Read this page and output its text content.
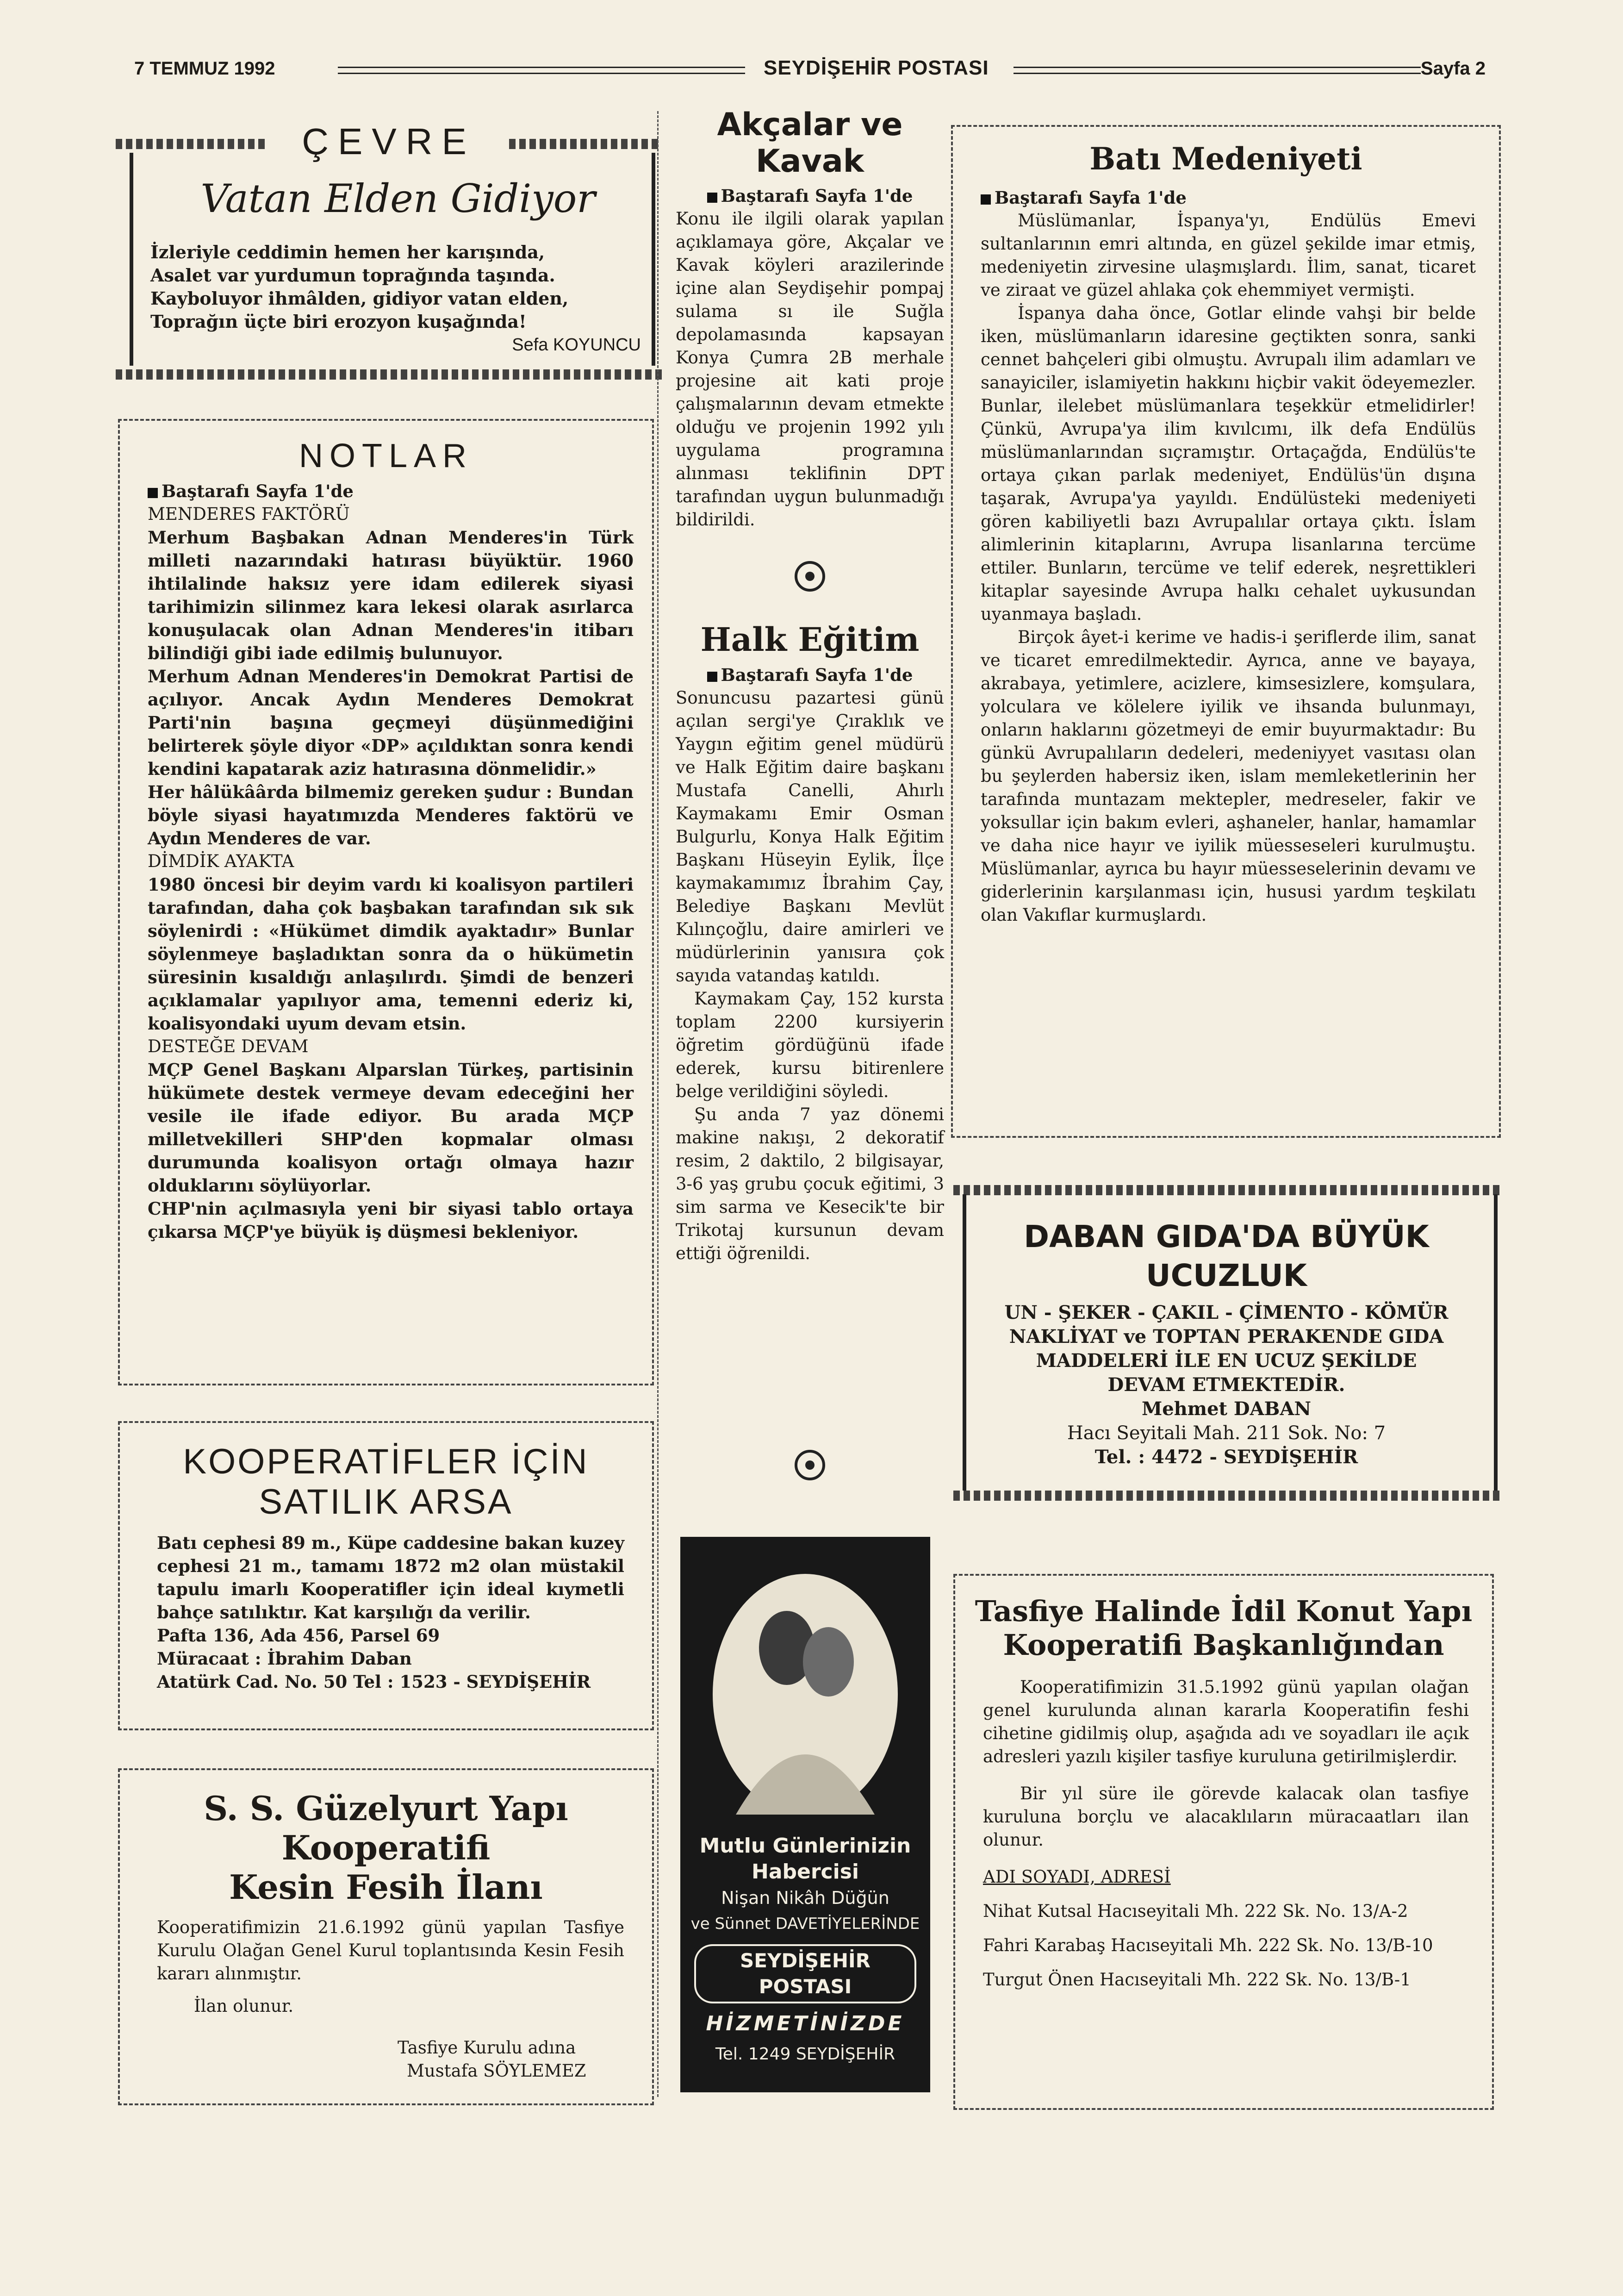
7 TEMMUZ 1992	SEYDİŞEHİR POSTASI	Sayfa 2
ÇEVRE
Vatan Elden Gidiyor
İzleriyle ceddimin hemen her karışında,
Asalet var yurdumun toprağında taşında.
Kayboluyor ihmâlden, gidiyor vatan elden,
Toprağın üçte biri erozyon kuşağında!
Sefa KOYUNCU
NOTLAR

Baştarafı Sayfa 1'de

MENDERES FAKTÖRÜ

Merhum Başbakan Adnan Menderes'in Türk milleti nazarındaki hatırası büyüktür. 1960 ihtilalinde haksız yere idam edilerek siyasi tarihimizin silinmez kara lekesi olarak asırlarca konuşulacak olan Adnan Menderes'in itibarı bilindiği gibi iade edilmiş bulunuyor.

Merhum Adnan Menderes'in Demokrat Partisi de açılıyor. Ancak Aydın Menderes Demokrat Parti'nin başına geçmeyi düşünmediğini belirterek şöyle diyor «DP» açıldıktan sonra kendi kendini kapatarak aziz hatırasına dönmelidir.»

Her hâlükâârda bilmemiz gereken şudur : Bundan böyle siyasi hayatımızda Menderes faktörü ve Aydın Menderes de var.

DİMDİK AYAKTA

1980 öncesi bir deyim vardı ki koalisyon partileri tarafından, daha çok başbakan tarafından sık sık söylenirdi : «Hükümet dimdik ayaktadır» Bunlar söylenmeye başladıktan sonra da o hükümetin süresinin kısaldığı anlaşılırdı. Şimdi de benzeri açıklamalar yapılıyor ama, temenni ederiz ki, koalisyondaki uyum devam etsin.

DESTEĞE DEVAM

MÇP Genel Başkanı Alparslan Türkeş, partisinin hükümete destek vermeye devam edeceğini her vesile ile ifade ediyor. Bu arada MÇP milletvekilleri SHP'den kopmalar olması durumunda koalisyon ortağı olmaya hazır olduklarını söylüyorlar.

CHP'nin açılmasıyla yeni bir siyasi tablo ortaya çıkarsa MÇP'ye büyük iş düşmesi bekleniyor.

KOOPERATİFLER İÇİN
SATILIK ARSA

Batı cephesi 89 m., Küpe caddesine bakan kuzey cephesi 21 m., tamamı 1872 m2 olan müstakil tapulu imarlı Kooperatifler için ideal kıymetli bahçe satılıktır. Kat karşılığı da verilir.

Pafta 136, Ada 456, Parsel 69

Müracaat : İbrahim Daban

Atatürk Cad. No. 50 Tel : 1523 - SEYDİŞEHİR

S. S. Güzelyurt Yapı Kooperatifi
Kesin Fesih İlanı

Kooperatifimizin 21.6.1992 günü yapılan Tasfiye Kurulu Olağan Genel Kurul toplantısında Kesin Fesih kararı alınmıştır.

İlan olunur.

Tasfiye Kurulu adına

Mustafa SÖYLEMEZ

Akçalar ve Kavak

Baştarafı Sayfa 1'de

Konu ile ilgili olarak yapılan açıklamaya göre, Akçalar ve Kavak köyleri arazilerinde içine alan Seydişehir pompaj sulama sı ile Suğla depolamasında kapsayan Konya Çumra 2B merhale projesine ait kati proje çalışmalarının devam etmekte olduğu ve projenin 1992 yılı uygulama programına alınması teklifinin DPT tarafından uygun bulunmadığı bildirildi.

Halk Eğitim

Baştarafı Sayfa 1'de

Sonuncusu pazartesi günü açılan sergi'ye Çıraklık ve Yaygın eğitim genel müdürü ve Halk Eğitim daire başkanı Mustafa Canelli, Ahırlı Kaymakamı Emir Osman Bulgurlu, Konya Halk Eğitim Başkanı Hüseyin Eylik, İlçe kaymakamımız İbrahim Çay, Belediye Başkanı Mevlüt Kılınçoğlu, daire amirleri ve müdürlerinin yanısıra çok sayıda vatandaş katıldı.

Kaymakam Çay, 152 kursta toplam 2200 kursiyerin öğretim gördüğünü ifade ederek, kursu bitirenlere belge verildiğini söyledi.

Şu anda 7 yaz dönemi makine nakışı, 2 dekoratif resim, 2 daktilo, 2 bilgisayar, 3-6 yaş grubu çocuk eğitimi, 3 sim sarma ve Kesecik'te bir Trikotaj kursunun devam ettiği öğrenildi.

Mutlu Günlerinizin
Habercisi
Nişan Nikâh Düğün
ve Sünnet DAVETİYELERİNDE
SEYDİŞEHİR POSTASI
HİZMETİNİZDE
Tel. 1249 SEYDİŞEHİR
Batı Medeniyeti

Baştarafı Sayfa 1'de

Müslümanlar, İspanya'yı, Endülüs Emevi sultanlarının emri altında, en güzel şekilde imar etmiş, medeniyetin zirvesine ulaşmışlardı. İlim, sanat, ticaret ve ziraat ve güzel ahlaka çok ehemmiyet vermişti.

İspanya daha önce, Gotlar elinde vahşi bir belde iken, müslümanların idaresine geçtikten sonra, sanki cennet bahçeleri gibi olmuştu. Avrupalı ilim adamları ve sanayiciler, islamiyetin hakkını hiçbir vakit ödeyemezler. Bunlar, ilelebet müslümanlara teşekkür etmelidirler! Çünkü, Avrupa'ya ilim kıvılcımı, ilk defa Endülüs müslümanlarından sıçramıştır. Ortaçağda, Endülüs'te ortaya çıkan parlak medeniyet, Endülüs'ün dışına taşarak, Avrupa'ya yayıldı. Endülüsteki medeniyeti gören kabiliyetli bazı Avrupalılar ortaya çıktı. İslam alimlerinin kitaplarını, Avrupa lisanlarına tercüme ettiler. Bunların, tercüme ve telif ederek, neşrettikleri kitaplar sayesinde Avrupa halkı cehalet uykusundan uyanmaya başladı.

Birçok âyet-i kerime ve hadis-i şeriflerde ilim, sanat ve ticaret emredilmektedir. Ayrıca, anne ve bayaya, akrabaya, yetimlere, acizlere, kimsesizlere, komşulara, yolculara ve kölelere iyilik ve ihsanda bulunmayı, onların haklarını gözetmeyi de emir buyurmaktadır: Bu günkü Avrupalıların dedeleri, medeniyyet vasıtası olan bu şeylerden habersiz iken, islam memleketlerinin her tarafında muntazam mektepler, medreseler, fakir ve yoksullar için bakım evleri, aşhaneler, hanlar, hamamlar ve daha nice hayır ve iyilik müesseseleri kurulmuştu. Müslümanlar, ayrıca bu hayır müesseselerinin devamı ve giderlerinin karşılanması için, hususi yardım teşkilatı olan Vakıflar kurmuşlardı.

DABAN GIDA'DA BÜYÜK
UCUZLUK
UN - ŞEKER - ÇAKIL - ÇİMENTO - KÖMÜR
NAKLİYAT ve TOPTAN PERAKENDE GIDA
MADDELERİ İLE EN UCUZ ŞEKİLDE
DEVAM ETMEKTEDİR.
Mehmet DABAN
Hacı Seyitali Mah. 211 Sok. No: 7
Tel. : 4472 - SEYDİŞEHİR
Tasfiye Halinde İdil Konut Yapı
Kooperatifi Başkanlığından

Kooperatifimizin 31.5.1992 günü yapılan olağan genel kurulunda alınan kararla Kooperatifin feshi cihetine gidilmiş olup, aşağıda adı ve soyadları ile açık adresleri yazılı kişiler tasfiye kuruluna getirilmişlerdir.

Bir yıl süre ile görevde kalacak olan tasfiye kuruluna borçlu ve alacaklıların müracaatları ilan olunur.

ADI SOYADI, ADRESİ

Nihat Kutsal Hacıseyitali Mh. 222 Sk. No. 13/A-2

Fahri Karabaş Hacıseyitali Mh. 222 Sk. No. 13/B-10

Turgut Önen Hacıseyitali Mh. 222 Sk. No. 13/B-1
